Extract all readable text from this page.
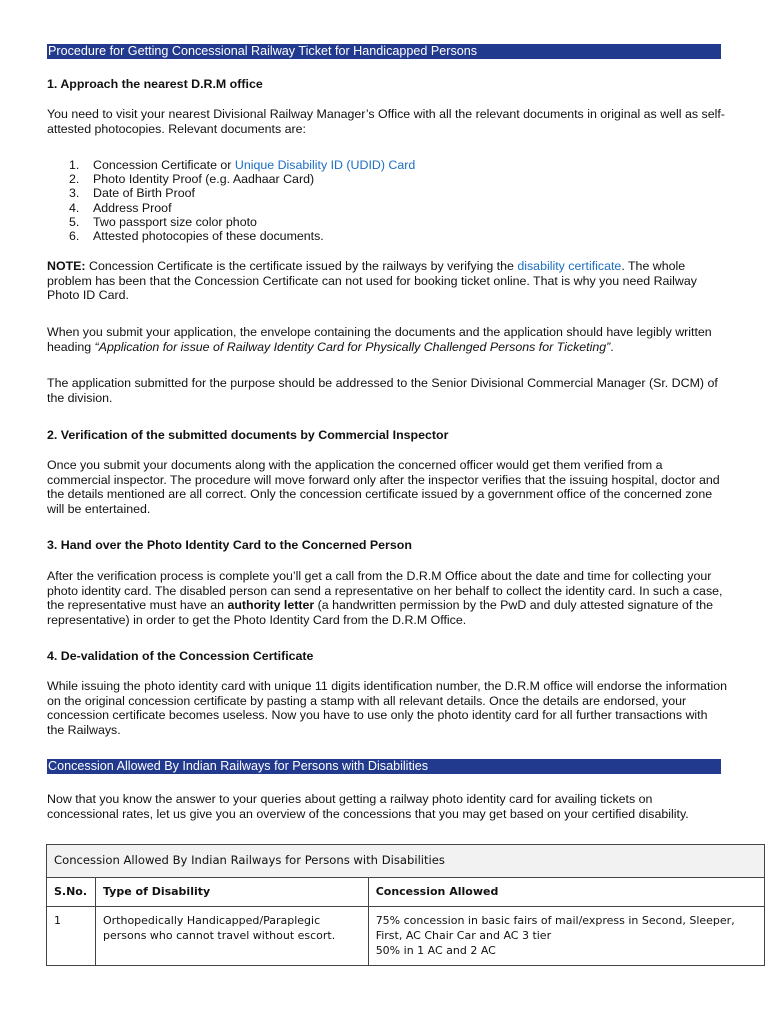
Procedure for Getting Concessional Railway Ticket for Handicapped Persons
1. Approach the nearest D.R.M office
You need to visit your nearest Divisional Railway Manager’s Office with all the relevant documents in original as well as self-attested photocopies. Relevant documents are:
1. Concession Certificate or Unique Disability ID (UDID) Card
2. Photo Identity Proof (e.g. Aadhaar Card)
3. Date of Birth Proof
4. Address Proof
5. Two passport size color photo
6. Attested photocopies of these documents.
NOTE: Concession Certificate is the certificate issued by the railways by verifying the disability certificate. The whole problem has been that the Concession Certificate can not used for booking ticket online. That is why you need Railway Photo ID Card.
When you submit your application, the envelope containing the documents and the application should have legibly written heading “Application for issue of Railway Identity Card for Physically Challenged Persons for Ticketing”.
The application submitted for the purpose should be addressed to the Senior Divisional Commercial Manager (Sr. DCM) of the division.
2. Verification of the submitted documents by Commercial Inspector
Once you submit your documents along with the application the concerned officer would get them verified from a commercial inspector. The procedure will move forward only after the inspector verifies that the issuing hospital, doctor and the details mentioned are all correct. Only the concession certificate issued by a government office of the concerned zone will be entertained.
3. Hand over the Photo Identity Card to the Concerned Person
After the verification process is complete you’ll get a call from the D.R.M Office about the date and time for collecting your photo identity card. The disabled person can send a representative on her behalf to collect the identity card. In such a case, the representative must have an authority letter (a handwritten permission by the PwD and duly attested signature of the representative) in order to get the Photo Identity Card from the D.R.M Office.
4. De-validation of the Concession Certificate
While issuing the photo identity card with unique 11 digits identification number, the D.R.M office will endorse the information on the original concession certificate by pasting a stamp with all relevant details. Once the details are endorsed, your concession certificate becomes useless. Now you have to use only the photo identity card for all further transactions with the Railways.
Concession Allowed By Indian Railways for Persons with Disabilities
Now that you know the answer to your queries about getting a railway photo identity card for availing tickets on concessional rates, let us give you an overview of the concessions that you may get based on your certified disability.
Concession Allowed By Indian Railways for Persons with Disabilities		
S.No.	Type of Disability	Concession Allowed
1	Orthopedically Handicapped/Paraplegic persons who cannot travel without escort.	75% concession in basic fairs of mail/express in Second, Sleeper, First, AC Chair Car and AC 3 tier
50% in 1 AC and 2 AC
